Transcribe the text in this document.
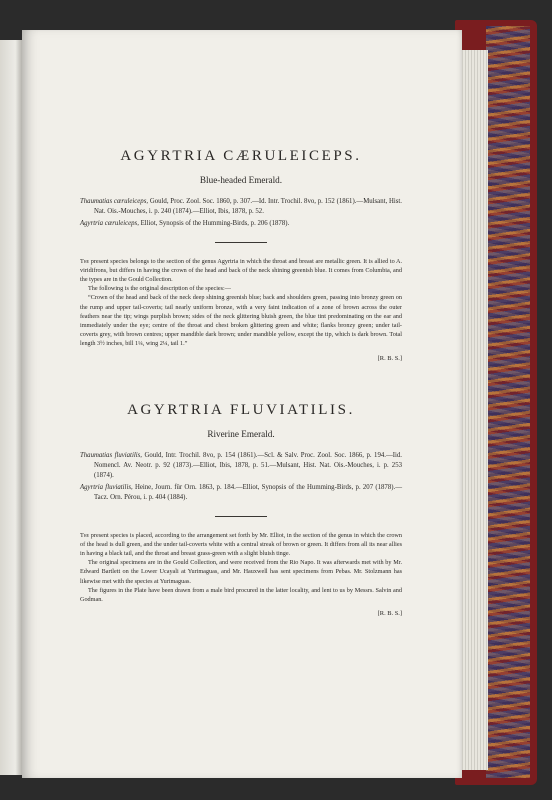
AGYRTRIA CÆRULEICEPS.
Blue-headed Emerald.

Thaumatias cæruleiceps, Gould, Proc. Zool. Soc. 1860, p. 307.—Id. Intr. Trochil. 8vo, p. 152 (1861).—Mulsant, Hist. Nat. Ois.-Mouches, i. p. 240 (1874).—Elliot, Ibis, 1878, p. 52.

Agyrtria cæruleiceps, Elliot, Synopsis of the Humming-Birds, p. 206 (1878).

The present species belongs to the section of the genus Agyrtria in which the throat and breast are metallic green. It is allied to A. viridifrons, but differs in having the crown of the head and back of the neck shining greenish blue. It comes from Columbia, and the types are in the Gould Collection.

The following is the original description of the species:—

“Crown of the head and back of the neck deep shining greenish blue; back and shoulders green, passing into bronzy green on the rump and upper tail-coverts; tail nearly uniform bronze, with a very faint indication of a zone of brown across the outer feathers near the tip; wings purplish brown; sides of the neck glittering bluish green, the blue tint predominating on the ear and immediately under the eye; centre of the throat and chest broken glittering green and white; flanks bronzy green; under tail-coverts grey, with brown centres; upper mandible dark brown; under mandible yellow, except the tip, which is dark brown. Total length 3½ inches, bill 1¼, wing 2¼, tail 1.”

[R. B. S.]
AGYRTRIA FLUVIATILIS.
Riverine Emerald.

Thaumatias fluviatilis, Gould, Intr. Trochil. 8vo, p. 154 (1861).—Scl. & Salv. Proc. Zool. Soc. 1866, p. 194.—Iid. Nomencl. Av. Neotr. p. 92 (1873).—Elliot, Ibis, 1878, p. 51.—Mulsant, Hist. Nat. Ois.-Mouches, i. p. 253 (1874).

Agyrtria fluviatilis, Heine, Journ. für Orn. 1863, p. 184.—Elliot, Synopsis of the Humming-Birds, p. 207 (1878).—Tacz. Orn. Pérou, i. p. 404 (1884).

The present species is placed, according to the arrangement set forth by Mr. Elliot, in the section of the genus in which the crown of the head is dull green, and the under tail-coverts white with a central streak of brown or green. It differs from all its near allies in having a black tail, and the throat and breast grass-green with a slight bluish tinge.

The original specimens are in the Gould Collection, and were received from the Rio Napo. It was afterwards met with by Mr. Edward Bartlett on the Lower Ucayali at Yurimaguas, and Mr. Hauxwell has sent specimens from Pebas. Mr. Stolzmann has likewise met with the species at Yurimaguas.

The figures in the Plate have been drawn from a male bird procured in the latter locality, and lent to us by Messrs. Salvin and Godman.

[R. B. S.]
